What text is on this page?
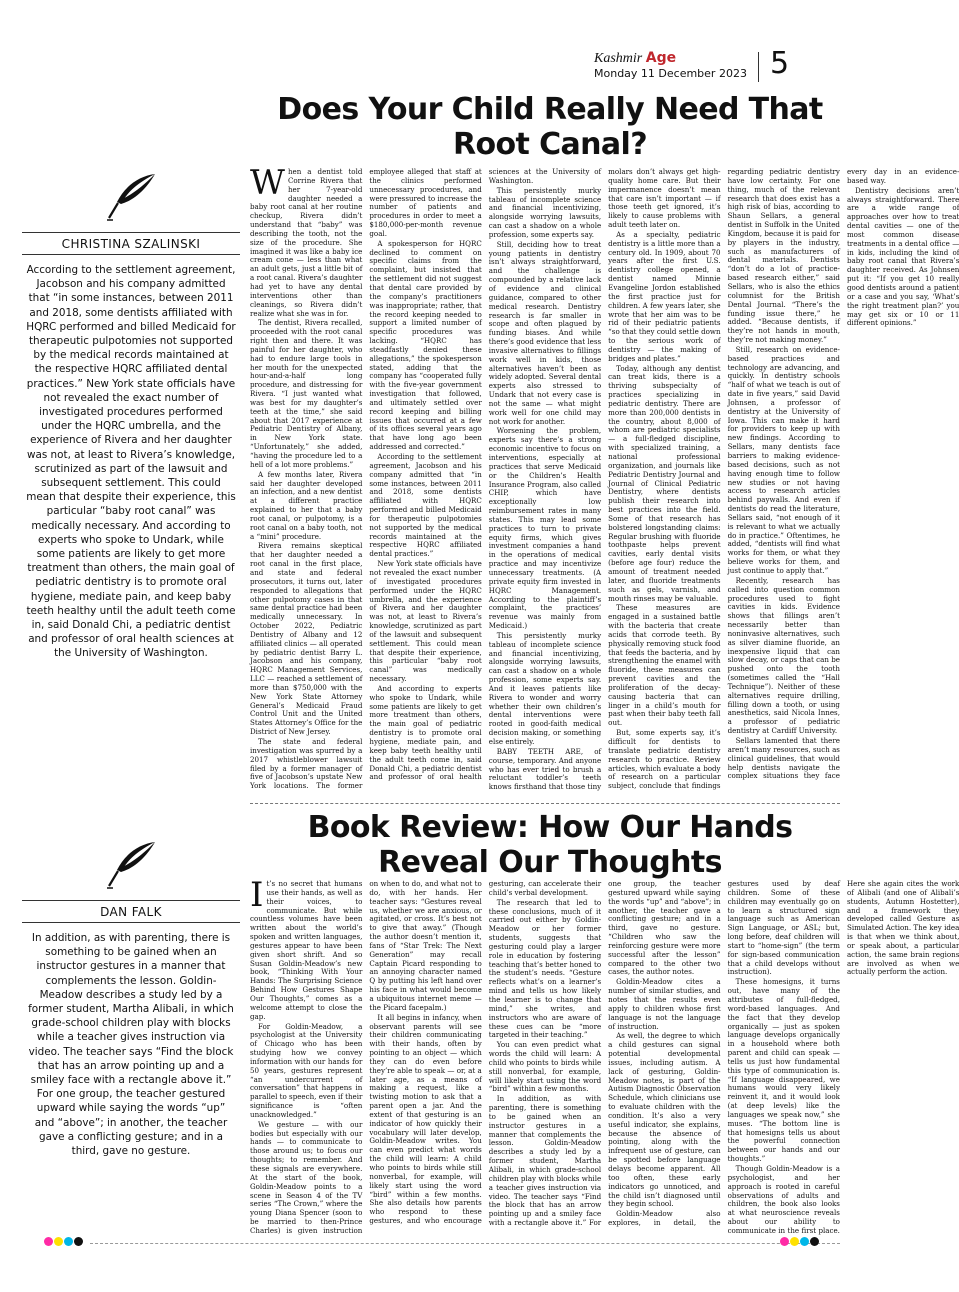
Kashmir Age
Monday 11 December 2023 5
Does Your Child Really Need That Root Canal?
CHRISTINA SZALINSKI
According to the settlement agreement, Jacobson and his company admitted that “in some instances, between 2011 and 2018, some dentists affiliated with HQRC performed and billed Medicaid for therapeutic pulpotomies not supported by the medical records maintained at the respective HQRC affiliated dental practices.” New York state officials have not revealed the exact number of investigated procedures performed under the HQRC umbrella, and the experience of Rivera and her daughter was not, at least to Rivera’s knowledge, scrutinized as part of the lawsuit and subsequent settlement. This could mean that despite their experience, this particular “baby root canal” was medically necessary. And according to experts who spoke to Undark, while some patients are likely to get more treatment than others, the main goal of pediatric dentistry is to promote oral hygiene, mediate pain, and keep baby teeth healthy until the adult teeth come in, said Donald Chi, a pediatric dentist and professor of oral health sciences at the University of Washington.

When a dentist told Corrine Rivera that her 7-year-old daughter needed a baby root canal at her routine checkup, Rivera didn’t understand that “baby” was describing the tooth, not the size of the procedure. She imagined it was like a baby ice cream cone — less than what an adult gets, just a little bit of a root canal. Rivera’s daughter had yet to have any dental interventions other than cleanings, so Rivera didn’t realize what she was in for.

The dentist, Rivera recalled, proceeded with the root canal right then and there. It was painful for her daughter, who had to endure large tools in her mouth for the unexpected hour-and-a-half long procedure, and distressing for Rivera. “I just wanted what was best for my daughter’s teeth at the time,” she said about that 2017 experience at Pediatric Dentistry of Albany, in New York state. “Unfortunately,” she added, “having the procedure led to a hell of a lot more problems.”

A few months later, Rivera said her daughter developed an infection, and a new dentist at a different practice explained to her that a baby root canal, or pulpotomy, is a root canal on a baby tooth, not a “mini” procedure.

Rivera remains skeptical that her daughter needed a root canal in the first place, and state and federal prosecutors, it turns out, later responded to allegations that other pulpotomy cases in that same dental practice had been medically unnecessary. In October 2022, Pediatric Dentistry of Albany and 12 affiliated clinics — all operated by pediatric dentist Barry L. Jacobson and his company, HQRC Management Services, LLC — reached a settlement of more than $750,000 with the New York State Attorney General’s Medicaid Fraud Control Unit and the United States Attorney’s Office for the District of New Jersey.

The state and federal investigation was spurred by a 2017 whistleblower lawsuit filed by a former manager of five of Jacobson’s upstate New York locations. The former employee alleged that staff at the clinics performed unnecessary procedures, and were pressured to increase the number of patients and procedures in order to meet a $180,000-per-month revenue goal.

A spokesperson for HQRC declined to comment on specific claims from the complaint, but insisted that the settlement did not suggest that dental care provided by the company’s practitioners was inappropriate; rather, that the record keeping needed to support a limited number of specific procedures was lacking. “HQRC has steadfastly denied these allegations,” the spokesperson stated, adding that the company has “cooperated fully with the five-year government investigation that followed, and ultimately settled over record keeping and billing issues that occurred at a few of its offices several years ago that have long ago been addressed and corrected.”

According to the settlement agreement, Jacobson and his company admitted that “in some instances, between 2011 and 2018, some dentists affiliated with HQRC performed and billed Medicaid for therapeutic pulpotomies not supported by the medical records maintained at the respective HQRC affiliated dental practices.”

New York state officials have not revealed the exact number of investigated procedures performed under the HQRC umbrella, and the experience of Rivera and her daughter was not, at least to Rivera’s knowledge, scrutinized as part of the lawsuit and subsequent settlement. This could mean that despite their experience, this particular “baby root canal” was medically necessary.

And according to experts who spoke to Undark, while some patients are likely to get more treatment than others, the main goal of pediatric dentistry is to promote oral hygiene, mediate pain, and keep baby teeth healthy until the adult teeth come in, said Donald Chi, a pediatric dentist and professor of oral health sciences at the University of Washington.

This persistently murky tableau of incomplete science and financial incentivizing, alongside worrying lawsuits, can cast a shadow on a whole profession, some experts say.

Still, deciding how to treat young patients in dentistry isn’t always straightforward, and the challenge is compounded by a relative lack of evidence and clinical guidance, compared to other medical research. Dentistry research is far smaller in scope and often plagued by funding biases. And while there’s good evidence that less invasive alternatives to fillings work well in kids, those alternatives haven’t been as widely adopted. Several dental experts also stressed to Undark that not every case is not the same — what might work well for one child may not work for another.

Worsening the problem, experts say there’s a strong economic incentive to focus on interventions, especially at practices that serve Medicaid or the Children’s Health Insurance Program, also called CHIP, which have exceptionally low reimbursement rates in many states. This may lead some practices to turn to private equity firms, which gives investment companies a hand in the operations of medical practice and may incentivize unnecessary treatments. (A private equity firm invested in HQRC Management. According to the plaintiff’s complaint, the practices’ revenue was mainly from Medicaid.)

This persistently murky tableau of incomplete science and financial incentivizing, alongside worrying lawsuits, can cast a shadow on a whole profession, some experts say. And it leaves patients like Rivera to wonder and worry whether their own children’s dental interventions were rooted in good-faith medical decision making, or something else entirely.

BABY TEETH ARE, of course, temporary. And anyone who has ever tried to brush a reluctant toddler’s teeth knows firsthand that those tiny molars don’t always get high-quality home care. But their impermanence doesn’t mean that care isn’t important — if those teeth get ignored, it’s likely to cause problems with adult teeth later on.

As a specialty, pediatric dentistry is a little more than a century old. In 1909, about 70 years after the first U.S. dentistry college opened, a dentist named Minnie Evangeline Jordon established the first practice just for children. A few years later, she wrote that her aim was to be rid of their pediatric patients “so that they could settle down to the serious work of dentistry — the making of bridges and plates.”

Today, although any dentist can treat kids, there is a thriving subspecialty of practices specializing in pediatric dentistry. There are more than 200,000 dentists in the country, about 8,000 of whom are pediatric specialists — a full-fledged discipline, with specialized training, a national professional organization, and journals like Pediatric Dentistry Journal and Journal of Clinical Pediatric Dentistry, where dentists publish their research into best practices into the field. Some of that research has bolstered longstanding claims: Regular brushing with fluoride toothpaste helps prevent cavities, early dental visits (before age four) reduce the amount of treatment needed later, and fluoride treatments such as gels, varnish, and mouth rinses may be valuable.

These measures are engaged in a sustained battle with the bacteria that create acids that corrode teeth. By physically removing stuck food that feeds the bacteria, and by strengthening the enamel with fluoride, these measures can prevent cavities and the proliferation of the decay-causing bacteria that can linger in a child’s mouth for past when their baby teeth fall out.

But, some experts say, it’s difficult for dentists to translate pediatric dentistry research to practice. Review articles, which evaluate a body of research on a particular subject, conclude that findings regarding pediatric dentistry have low certainty. For one thing, much of the relevant research that does exist has a high risk of bias, according to Shaun Sellars, a general dentist in Suffolk in the United Kingdom, because it is paid for by players in the industry, such as manufacturers of dental materials. Dentists “don’t do a lot of practice-based research either,” said Sellars, who is also the ethics columnist for the British Dental Journal. “There’s the funding issue there,” he added. “Because dentists, if they’re not hands in mouth, they’re not making money.”

Still, research on evidence-based practices and technology are advancing, and quickly. In dentistry schools “half of what we teach is out of date in five years,” said David Johnsen, a professor of dentistry at the University of Iowa. This can make it hard for providers to keep up with new findings. According to Sellars, many dentists face barriers to making evidence-based decisions, such as not having enough time to follow new studies or not having access to research articles behind paywalls. And even if dentists do read the literature, Sellars said, “not enough of it is relevant to what we actually do in practice.” Oftentimes, he added, “dentists will find what works for them, or what they believe works for them, and just continue to apply that.”

Recently, research has called into question common procedures used to fight cavities in kids. Evidence shows that fillings aren’t necessarily better than noninvasive alternatives, such as silver diamine fluoride, an inexpensive liquid that can slow decay, or caps that can be pushed onto the tooth (sometimes called the “Hall Technique”). Neither of these alternatives require drilling, filling down a tooth, or using anesthetics, said Nicola Innes, a professor of pediatric dentistry at Cardiff University.

Sellars lamented that there aren’t many resources, such as clinical guidelines, that would help dentists navigate the complex situations they face every day in an evidence-based way.

Dentistry decisions aren’t always straightforward. There are a wide range of approaches over how to treat dental cavities — one of the most common disease treatments in a dental office — in kids, including the kind of baby root canal that Rivera’s daughter received. As Johnsen put it: “If you get 10 really good dentists around a patient or a case and you say, ‘What’s the right treatment plan?’ you may get six or 10 or 11 different opinions.”

Book Review: How Our Hands Reveal Our Thoughts
DAN FALK
In addition, as with parenting, there is something to be gained when an instructor gestures in a manner that complements the lesson. Goldin-Meadow describes a study led by a former student, Martha Alibali, in which grade-school children play with blocks while a teacher gives instruction via video. The teacher says “Find the block that has an arrow pointing up and a smiley face with a rectangle above it.” For one group, the teacher gestured upward while saying the words “up” and “above”; in another, the teacher gave a conflicting gesture; and in a third, gave no gesture.

It’s no secret that humans use their hands, as well as their voices, to communicate. But while countless volumes have been written about the world’s spoken and written languages, gestures appear to have been given short shrift. And so Susan Goldin-Meadow’s new book, “Thinking With Your Hands: The Surprising Science Behind How Gestures Shape Our Thoughts,” comes as a welcome attempt to close the gap.

For Goldin-Meadow, a psychologist at the University of Chicago who has been studying how we convey information with our hands for 50 years, gestures represent “an undercurrent of conversation” that happens in parallel to speech, even if their significance is “often unacknowledged.”

We gesture — with our bodies but especially with our hands — to communicate to those around us; to focus our thoughts; to remember. And these signals are everywhere. At the start of the book, Goldin-Meadow points to a scene in Season 4 of the TV series “The Crown,” where the young Diana Spencer (soon to be married to then-Prince Charles) is given instruction on when to do, and what not to do, with her hands. Her teacher says: “Gestures reveal us, whether we are anxious, or agitated, or cross. It’s best not to give that away.” (Though the author doesn’t mention it, fans of “Star Trek: The Next Generation” may recall Captain Picard responding to an annoying character named Q by putting his left hand over his face in what would become a ubiquitous internet meme — the Picard facepalm.)

It all begins in infancy, when observant parents will see their children communicating with their hands, often by pointing to an object — which they can do even before they’re able to speak — or, at a later age, as a means of making a request, like a twisting motion to ask that a parent open a jar. And the extent of that gesturing is an indicator of how quickly their vocabulary will later develop, Goldin-Meadow writes. You can even predict what words the child will learn: A child who points to birds while still nonverbal, for example, will likely start using the word “bird” within a few months. She also details how parents who respond to these gestures, and who encourage gesturing, can accelerate their child’s verbal development.

The research that led to these conclusions, much of it carried out either by Goldin-Meadow or her former students, suggests that gesturing could play a larger role in education by fostering teaching that’s better honed to the student’s needs. “Gesture reflects what’s on a learner’s mind and tells us how likely the learner is to change that mind,” she writes, and instructors who are aware of these cues can be “more targeted in their teaching.”

You can even predict what words the child will learn: A child who points to birds while still nonverbal, for example, will likely start using the word “bird” within a few months.

In addition, as with parenting, there is something to be gained when an instructor gestures in a manner that complements the lesson. Goldin-Meadow describes a study led by a former student, Martha Alibali, in which grade-school children play with blocks while a teacher gives instruction via video. The teacher says “Find the block that has an arrow pointing up and a smiley face with a rectangle above it.” For one group, the teacher gestured upward while saying the words “up” and “above”; in another, the teacher gave a conflicting gesture; and in a third, gave no gesture. “Children who saw the reinforcing gesture were more successful after the lesson” compared to the other two cases, the author notes.

Goldin-Meadow cites a number of similar studies, and notes that the results even apply to children whose first language is not the language of instruction.

As well, the degree to which a child gestures can signal potential developmental issues, including autism. A lack of gesturing, Goldin-Meadow notes, is part of the Autism Diagnostic Observation Schedule, which clinicians use to evaluate children with the condition. It’s also a very useful indicator, she explains, because the absence of pointing, along with the infrequent use of gesture, can be spotted before language delays become apparent. All too often, these early indicators go unnoticed, and the child isn’t diagnosed until they begin school.

Goldin-Meadow also explores, in detail, the gestures used by deaf children. Some of these children may eventually go on to learn a structured sign language such as American Sign Language, or ASL; but, long before, deaf children will start to “home-sign” (the term for sign-based communication that a child develops without instruction).

These homesigns, it turns out, have many of the attributes of full-fledged, word-based languages. And the fact that they develop organically — just as spoken language develops organically in a household where both parent and child can speak — tells us just how fundamental this type of communication is. “If language disappeared, we humans would very likely reinvent it, and it would look (at deep levels) like the languages we speak now,” she muses. “The bottom line is that homesigns tells us about the powerful connection between our hands and our thoughts.”

Though Goldin-Meadow is a psychologist, and her approach is rooted in careful observations of adults and children, the book also looks at what neuroscience reveals about our ability to communicate in the first place. Here she again cites the work of Alibali (and one of Alibali’s students, Autumn Hostetter), and a framework they developed called Gesture as Simulated Action. The key idea is that when we think about, or speak about, a particular action, the same brain regions are involved as when we actually perform the action.
